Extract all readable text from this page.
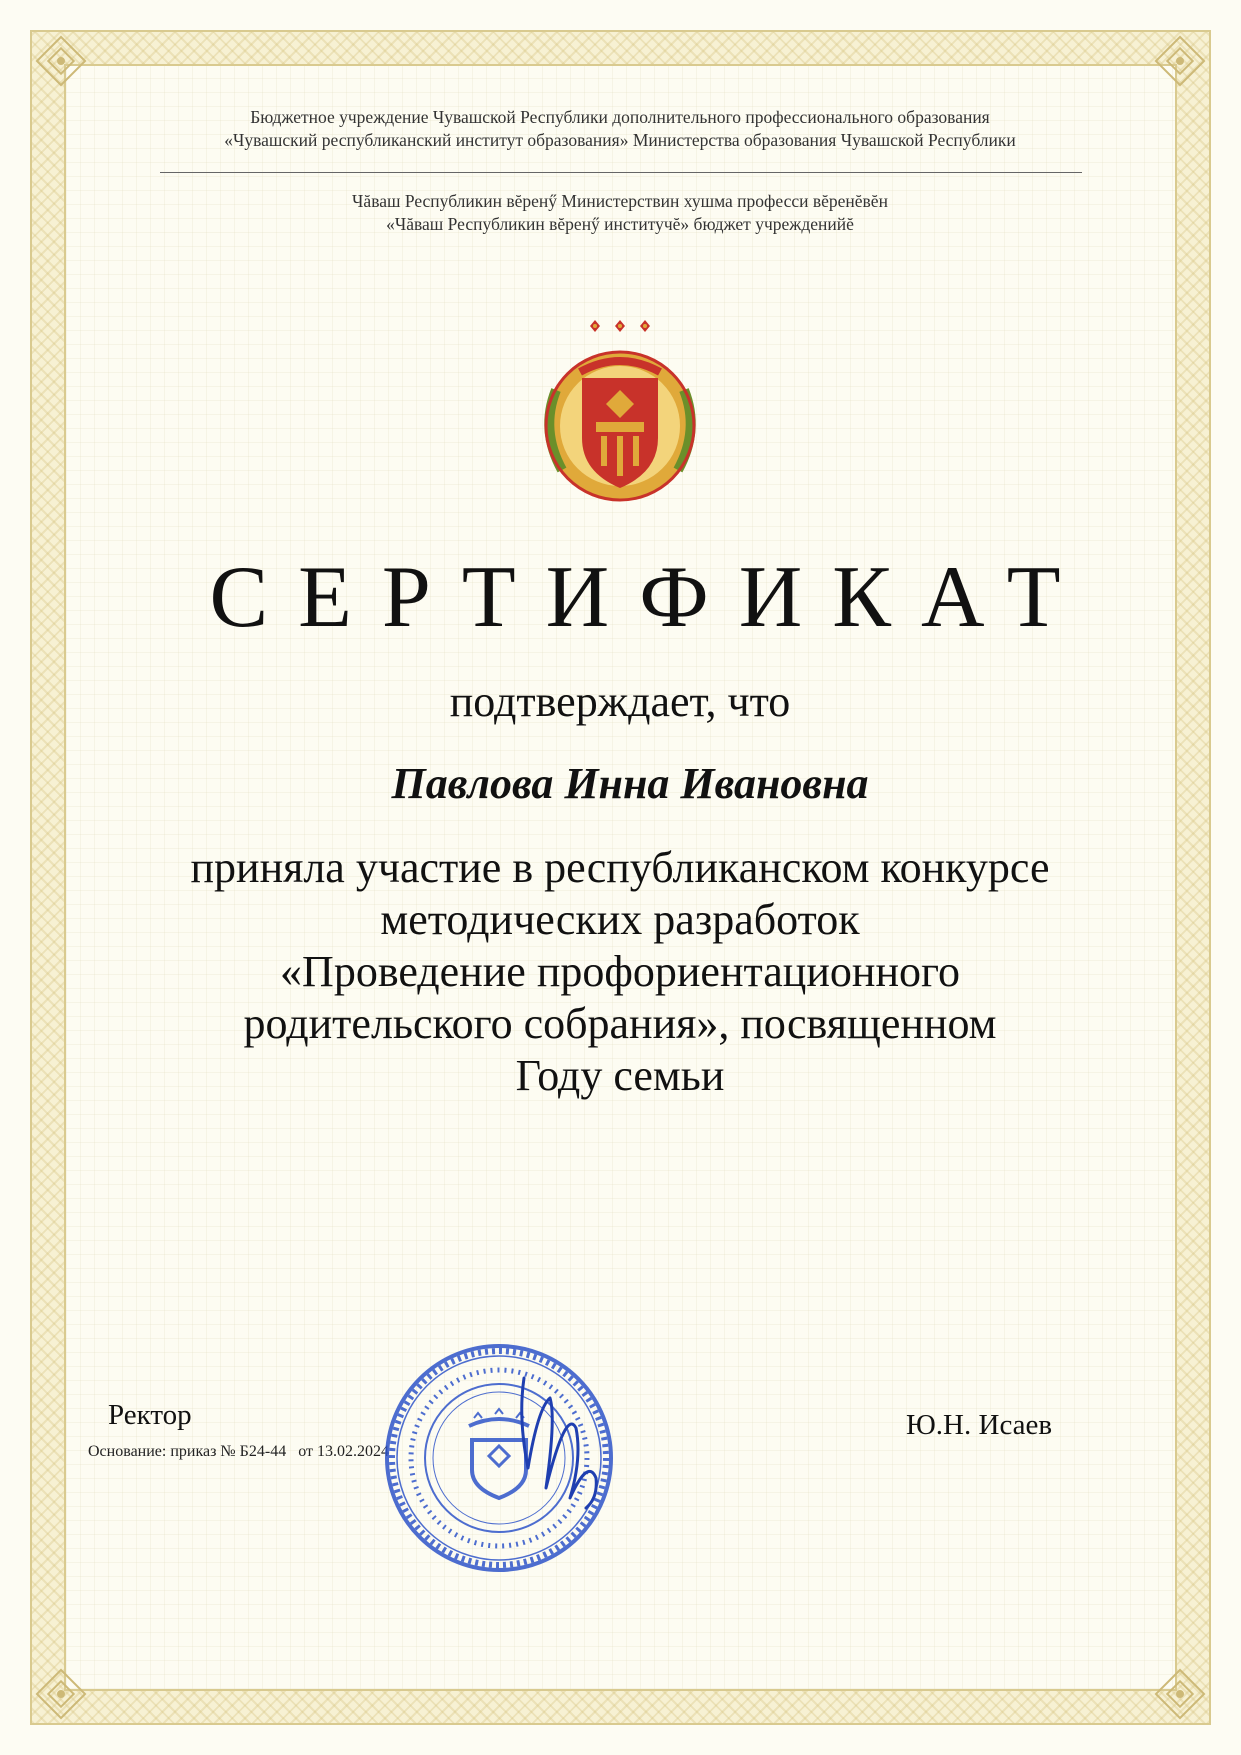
Бюджетное учреждение Чувашской Республики дополнительного профессионального образования
«Чувашский республиканский институт образования» Министерства образования Чувашской Республики
Чăваш Республикин вĕренӳ Министерствин хушма професси вĕренĕвĕн
«Чăваш Республикин вĕренӳ институчĕ» бюджет учрежденийĕ
СЕРТИФИКАТ
подтверждает, что
Павлова Инна Ивановна
приняла участие в республиканском конкурсе
методических разработок
«Проведение профориентационного
родительского собрания», посвященном
Году семьи
Ректор
Основание: приказ № Б24-44 от 13.02.2024
Ю.Н. Исаев
